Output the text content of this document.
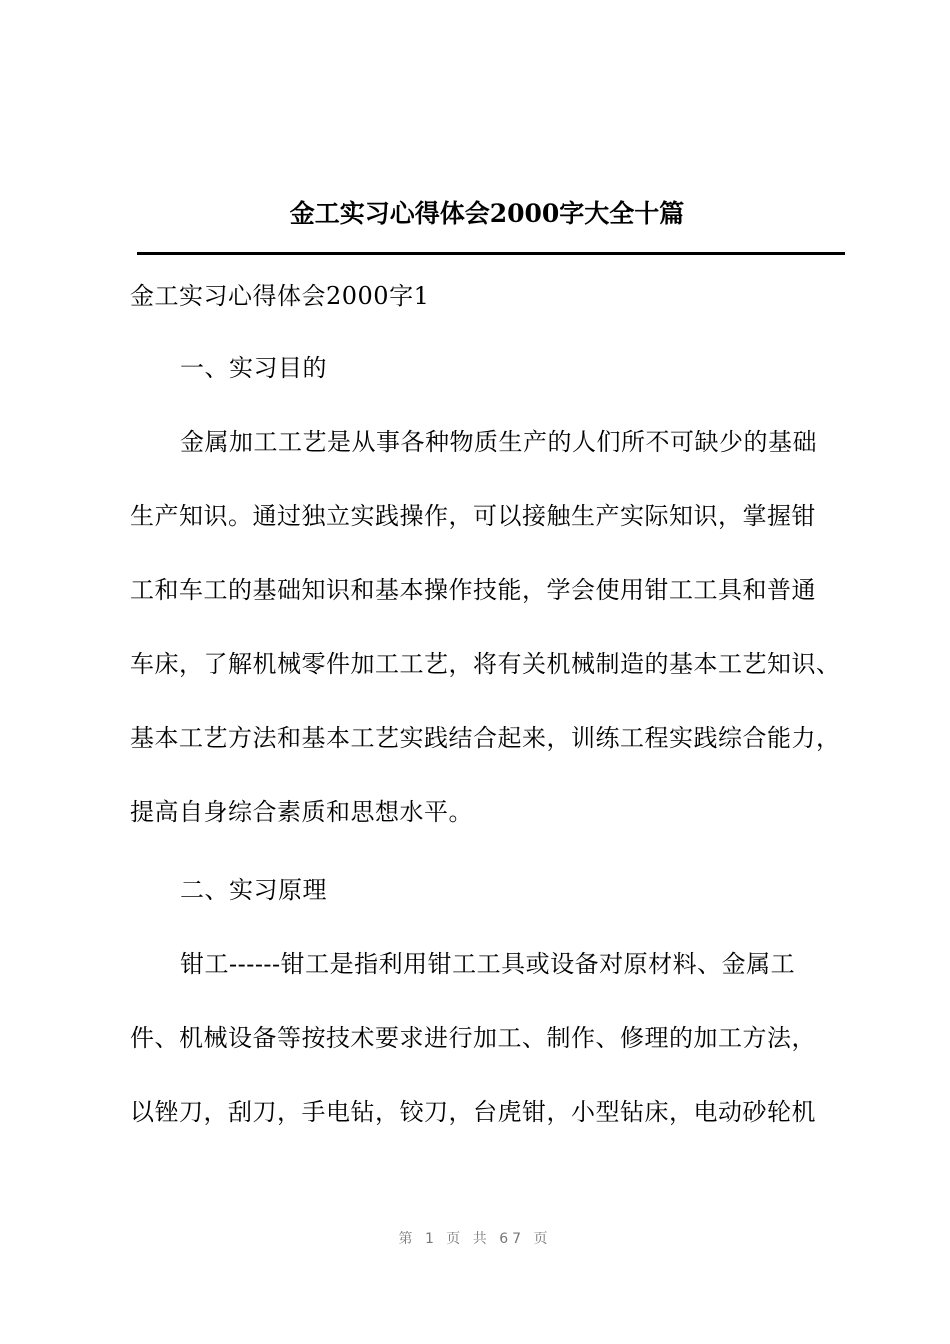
金工实习心得体会2000字大全十篇
金工实习心得体会2000字1
一、实习目的
金属加工工艺是从事各种物质生产的人们所不可缺少的基础
生产知识。通过独立实践操作，可以接触生产实际知识，掌握钳
工和车工的基础知识和基本操作技能，学会使用钳工工具和普通
车床，了解机械零件加工工艺，将有关机械制造的基本工艺知识、
基本工艺方法和基本工艺实践结合起来，训练工程实践综合能力，
提高自身综合素质和思想水平。
二、实习原理
钳工------钳工是指利用钳工工具或设备对原材料、金属工
件、机械设备等按技术要求进行加工、制作、修理的加工方法，
以锉刀，刮刀，手电钻，铰刀，台虎钳，小型钻床，电动砂轮机
第 1 页 共 67 页
